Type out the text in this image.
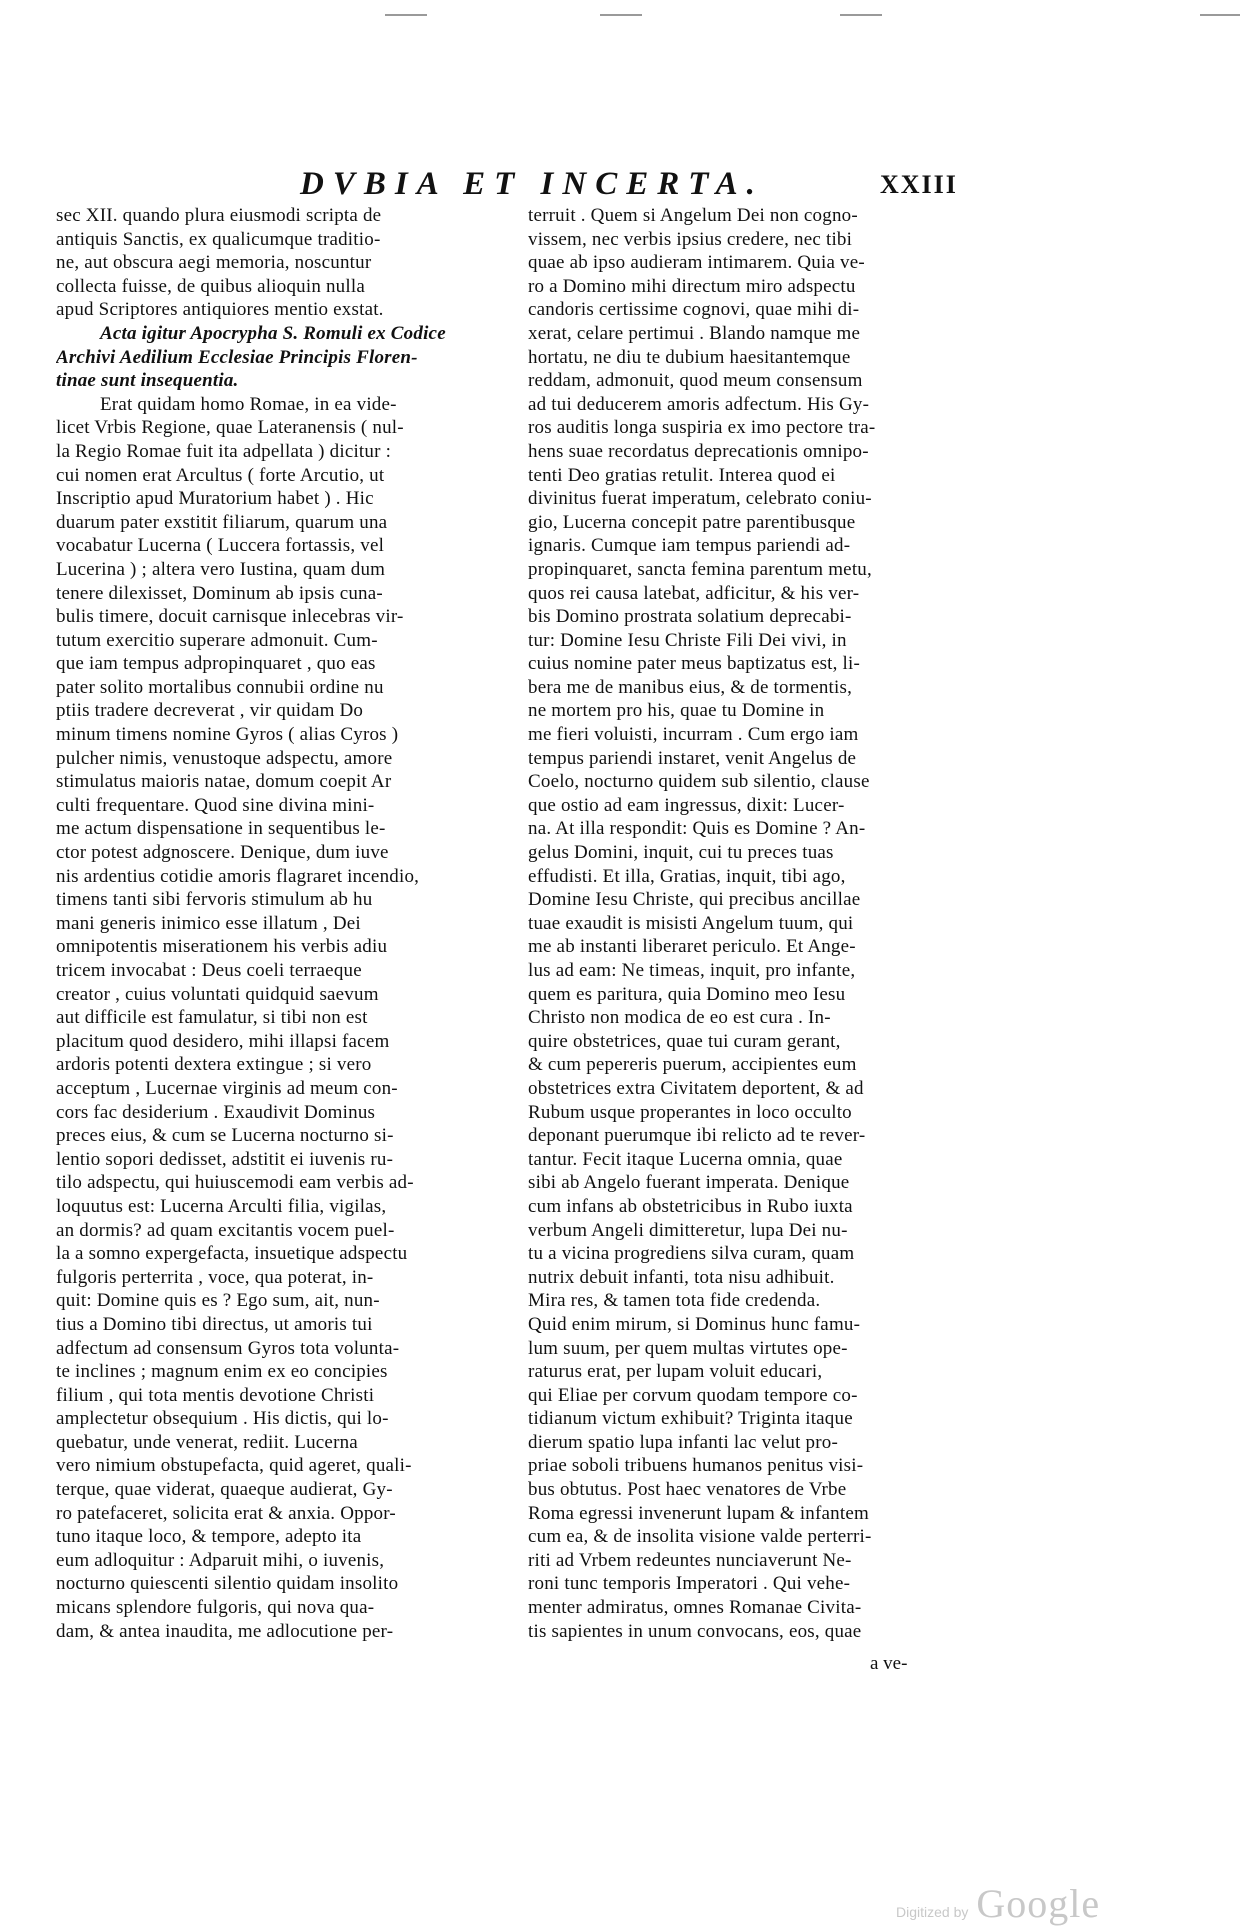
DVBIA ET INCERTA.	XXIII
sec XII. quando plura eiusmodi scripta de
antiquis Sanctis, ex qualicumque traditio-
ne, aut obscura aegi memoria, noscuntur
collecta fuisse, de quibus alioquin nulla
apud Scriptores antiquiores mentio exstat.
Acta igitur Apocrypha S. Romuli ex Codice
Archivi Aedilium Ecclesiae Principis Floren-
tinae sunt insequentia.
Erat quidam homo Romae, in ea vide-
licet Vrbis Regione, quae Lateranensis ( nul-
la Regio Romae fuit ita adpellata ) dicitur :
cui nomen erat Arcultus ( forte Arcutio, ut
Inscriptio apud Muratorium habet ) . Hic
duarum pater exstitit filiarum, quarum una
vocabatur Lucerna ( Luccera fortassis, vel
Lucerina ) ; altera vero Iustina, quam dum
tenere dilexisset, Dominum ab ipsis cuna-
bulis timere, docuit carnisque inlecebras vir-
tutum exercitio superare admonuit. Cum-
que iam tempus adpropinquaret , quo eas
pater solito mortalibus connubii ordine nu
ptiis tradere decreverat , vir quidam Do
minum timens nomine Gyros ( alias Cyros )
pulcher nimis, venustoque adspectu, amore
stimulatus maioris natae, domum coepit Ar
culti frequentare. Quod sine divina mini-
me actum dispensatione in sequentibus le-
ctor potest adgnoscere. Denique, dum iuve
nis ardentius cotidie amoris flagraret incendio,
timens tanti sibi fervoris stimulum ab hu
mani generis inimico esse illatum , Dei
omnipotentis miserationem his verbis adiu
tricem invocabat : Deus coeli terraeque
creator , cuius voluntati quidquid saevum
aut difficile est famulatur, si tibi non est
placitum quod desidero, mihi illapsi facem
ardoris potenti dextera extingue ; si vero
acceptum , Lucernae virginis ad meum con-
cors fac desiderium . Exaudivit Dominus
preces eius, & cum se Lucerna nocturno si-
lentio sopori dedisset, adstitit ei iuvenis ru-
tilo adspectu, qui huiuscemodi eam verbis ad-
loquutus est: Lucerna Arculti filia, vigilas,
an dormis? ad quam excitantis vocem puel-
la a somno expergefacta, insuetique adspectu
fulgoris perterrita , voce, qua poterat, in-
quit: Domine quis es ? Ego sum, ait, nun-
tius a Domino tibi directus, ut amoris tui
adfectum ad consensum Gyros tota volunta-
te inclines ; magnum enim ex eo concipies
filium , qui tota mentis devotione Christi
amplectetur obsequium . His dictis, qui lo-
quebatur, unde venerat, rediit. Lucerna
vero nimium obstupefacta, quid ageret, quali-
terque, quae viderat, quaeque audierat, Gy-
ro patefaceret, solicita erat & anxia. Oppor-
tuno itaque loco, & tempore, adepto ita
eum adloquitur : Adparuit mihi, o iuvenis,
nocturno quiescenti silentio quidam insolito
micans splendore fulgoris, qui nova qua-
dam, & antea inaudita, me adlocutione per-
terruit . Quem si Angelum Dei non cogno-
vissem, nec verbis ipsius credere, nec tibi
quae ab ipso audieram intimarem. Quia ve-
ro a Domino mihi directum miro adspectu
candoris certissime cognovi, quae mihi di-
xerat, celare pertimui . Blando namque me
hortatu, ne diu te dubium haesitantemque
reddam, admonuit, quod meum consensum
ad tui deducerem amoris adfectum. His Gy-
ros auditis longa suspiria ex imo pectore tra-
hens suae recordatus deprecationis omnipo-
tenti Deo gratias retulit. Interea quod ei
divinitus fuerat imperatum, celebrato coniu-
gio, Lucerna concepit patre parentibusque
ignaris. Cumque iam tempus pariendi ad-
propinquaret, sancta femina parentum metu,
quos rei causa latebat, adficitur, & his ver-
bis Domino prostrata solatium deprecabi-
tur: Domine Iesu Christe Fili Dei vivi, in
cuius nomine pater meus baptizatus est, li-
bera me de manibus eius, & de tormentis,
ne mortem pro his, quae tu Domine in
me fieri voluisti, incurram . Cum ergo iam
tempus pariendi instaret, venit Angelus de
Coelo, nocturno quidem sub silentio, clause
que ostio ad eam ingressus, dixit: Lucer-
na. At illa respondit: Quis es Domine ? An-
gelus Domini, inquit, cui tu preces tuas
effudisti. Et illa, Gratias, inquit, tibi ago,
Domine Iesu Christe, qui precibus ancillae
tuae exaudit is misisti Angelum tuum, qui
me ab instanti liberaret periculo. Et Ange-
lus ad eam: Ne timeas, inquit, pro infante,
quem es paritura, quia Domino meo Iesu
Christo non modica de eo est cura . In-
quire obstetrices, quae tui curam gerant,
& cum pepereris puerum, accipientes eum
obstetrices extra Civitatem deportent, & ad
Rubum usque properantes in loco occulto
deponant puerumque ibi relicto ad te rever-
tantur. Fecit itaque Lucerna omnia, quae
sibi ab Angelo fuerant imperata. Denique
cum infans ab obstetricibus in Rubo iuxta
verbum Angeli dimitteretur, lupa Dei nu-
tu a vicina progrediens silva curam, quam
nutrix debuit infanti, tota nisu adhibuit.
Mira res, & tamen tota fide credenda.
Quid enim mirum, si Dominus hunc famu-
lum suum, per quem multas virtutes ope-
raturus erat, per lupam voluit educari,
qui Eliae per corvum quodam tempore co-
tidianum victum exhibuit? Triginta itaque
dierum spatio lupa infanti lac velut pro-
priae soboli tribuens humanos penitus visi-
bus obtutus. Post haec venatores de Vrbe
Roma egressi invenerunt lupam & infantem
cum ea, & de insolita visione valde perterri-
riti ad Vrbem redeuntes nunciaverunt Ne-
roni tunc temporis Imperatori . Qui vehe-
menter admiratus, omnes Romanae Civita-
tis sapientes in unum convocans, eos, quae
a ve-
Digitized by Google
